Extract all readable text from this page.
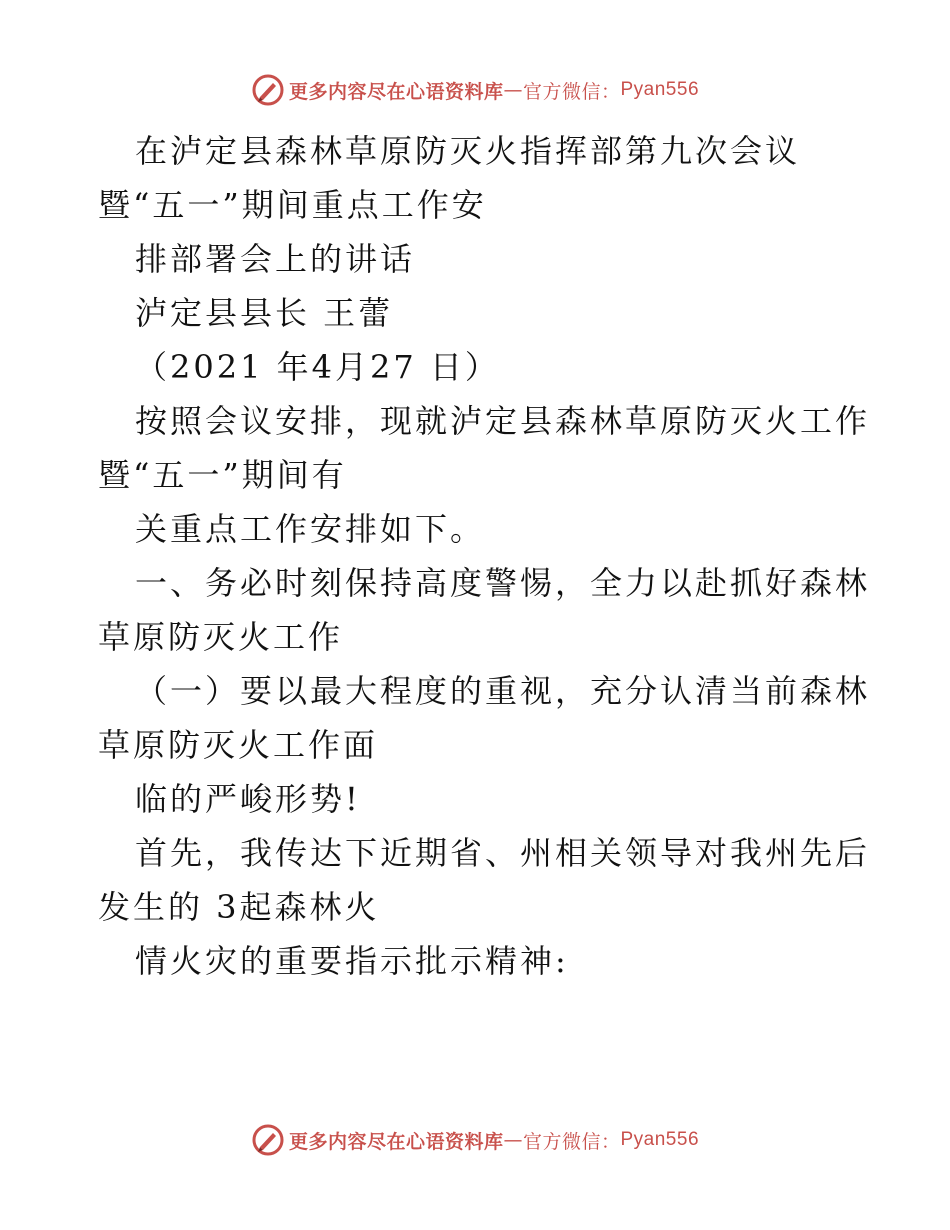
更多内容尽在心语资料库 — 官方微信： Pyan556
在泸定县森林草原防灭火指挥部第九次会议
暨“五一”期间重点工作安
排部署会上的讲话
泸定县县长 王蕾
（2021 年4月27 日）
按照会议安排，现就泸定县森林草原防灭火工作
暨“五一”期间有
关重点工作安排如下。
一、务必时刻保持高度警惕，全力以赴抓好森林
草原防灭火工作
（一）要以最大程度的重视，充分认清当前森林
草原防灭火工作面
临的严峻形势!
首先，我传达下近期省、州相关领导对我州先后
发生的 3起森林火
情火灾的重要指示批示精神:
更多内容尽在心语资料库 — 官方微信： Pyan556
